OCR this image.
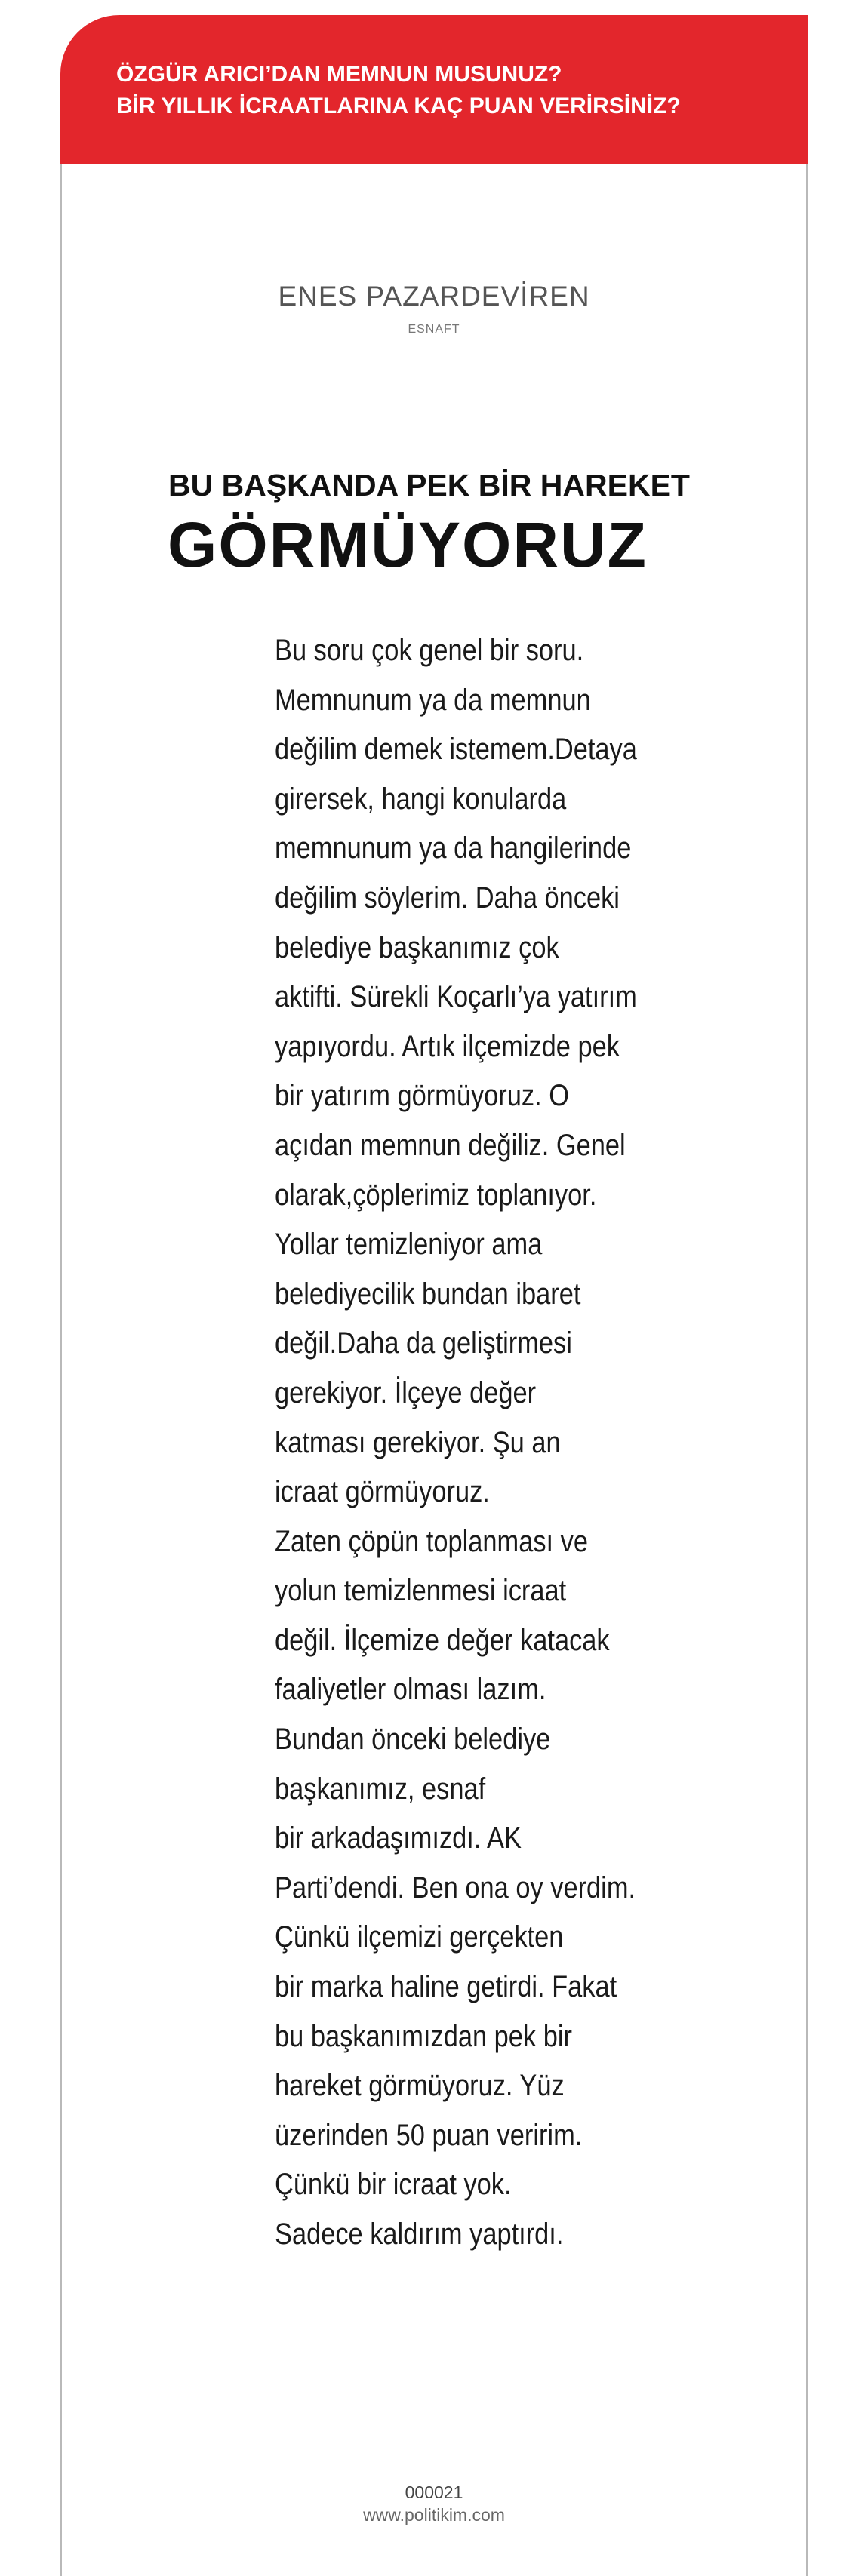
ÖZGÜR ARICI’DAN MEMNUN MUSUNUZ?
BİR YILLIK İCRAATLARINA KAÇ PUAN VERİRSİNİZ?
ENES PAZARDEVİREN
ESNAFT
BU BAŞKANDA PEK BİR HAREKET
GÖRMÜYORUZ
Bu soru çok genel bir soru.
Memnunum ya da memnun
değilim demek istemem.Detaya
girersek, hangi konularda
memnunum ya da hangilerinde
değilim söylerim. Daha önceki
belediye başkanımız çok
aktifti. Sürekli Koçarlı’ya yatırım
yapıyordu. Artık ilçemizde pek
bir yatırım görmüyoruz. O
açıdan memnun değiliz. Genel
olarak,çöplerimiz toplanıyor.
Yollar temizleniyor ama
belediyecilik bundan ibaret
değil.Daha da geliştirmesi
gerekiyor. İlçeye değer
katması gerekiyor. Şu an
icraat görmüyoruz.
Zaten çöpün toplanması ve
yolun temizlenmesi icraat
değil. İlçemize değer katacak
faaliyetler olması lazım.
Bundan önceki belediye
başkanımız, esnaf
bir arkadaşımızdı. AK
Parti’dendi. Ben ona oy verdim.
Çünkü ilçemizi gerçekten
bir marka haline getirdi. Fakat
bu başkanımızdan pek bir
hareket görmüyoruz. Yüz
üzerinden 50 puan veririm.
Çünkü bir icraat yok.
Sadece kaldırım yaptırdı.
000021
www.politikim.com
